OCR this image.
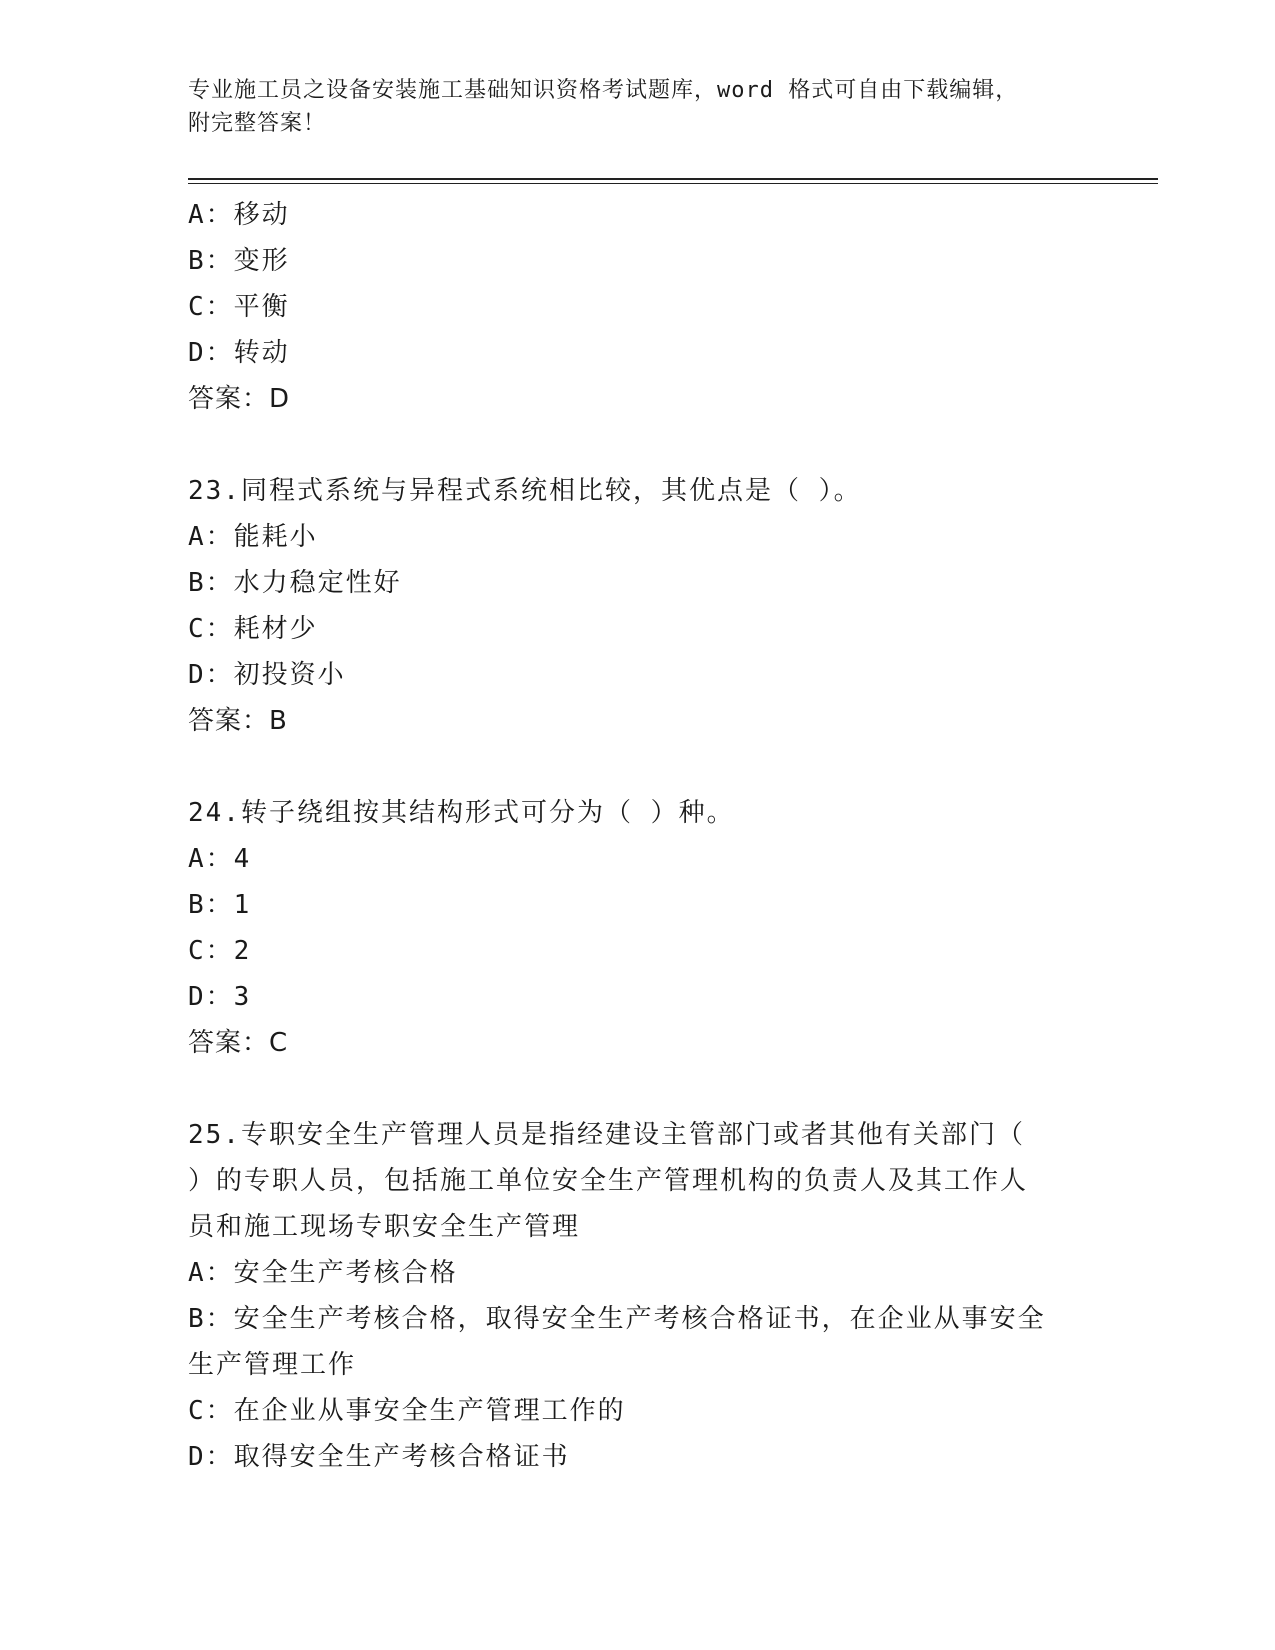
专业施工员之设备安装施工基础知识资格考试题库，word 格式可自由下载编辑，
附完整答案！
A：移动
B：变形
C：平衡
D：转动
答案：D
23.同程式系统与异程式系统相比较，其优点是（ ）。
A：能耗小
B：水力稳定性好
C：耗材少
D：初投资小
答案：B
24.转子绕组按其结构形式可分为（ ）种。
A：4
B：1
C：2
D：3
答案：C
25.专职安全生产管理人员是指经建设主管部门或者其他有关部门（
）的专职人员，包括施工单位安全生产管理机构的负责人及其工作人
员和施工现场专职安全生产管理
A：安全生产考核合格
B：安全生产考核合格，取得安全生产考核合格证书，在企业从事安全
生产管理工作
C：在企业从事安全生产管理工作的
D：取得安全生产考核合格证书
